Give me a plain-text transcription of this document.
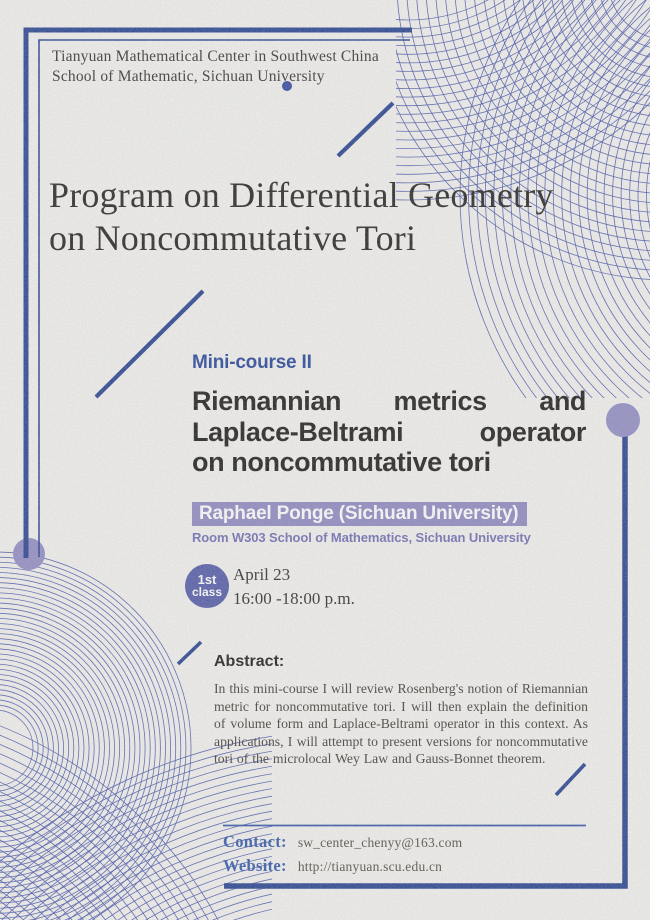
Tianyuan Mathematical Center in Southwest China
School of Mathematic, Sichuan University
Program on Differential Geometry
on Noncommutative Tori
Mini-course II
Riemannian metrics and
Laplace-Beltrami operator
on noncommutative tori
Raphael Ponge (Sichuan University)
Room W303 School of Mathematics, Sichuan University
1st
class
April 23
16:00 -18:00 p.m.
Abstract:
In this mini-course I will review Rosenberg's notion of Riemannian metric for noncommutative tori. I will then explain the definition of volume form and Laplace-Beltrami operator in this context. As applications, I will attempt to present versions for noncommutative tori of the microlocal Wey Law and Gauss-Bonnet theorem.
Contact: sw_center_chenyy@163.com
Website: http://tianyuan.scu.edu.cn
